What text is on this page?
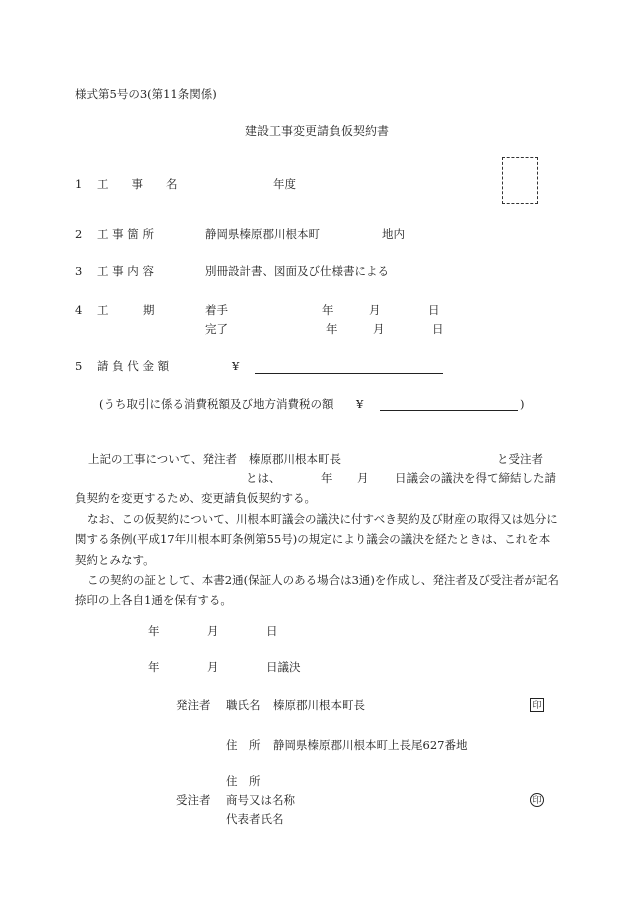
様式第5号の3(第11条関係)
建設工事変更請負仮契約書
1 工　　事　　名	年度
2 工 事 箇 所	静岡県榛原郡川根本町	地内
3 工 事 内 容	別冊設計書、図面及び仕様書による
4 工　　　期	着手	年	月	日
完了	年	月	日
5 請 負 代 金 額	¥
(うち取引に係る消費税額及び地方消費税の額 ¥	)
上記の工事について、発注者 榛原郡川根本町長	と受注者
とは、	年 月 日議会の議決を得て締結した請
負契約を変更するため、変更請負仮契約する。
なお、この仮契約について、川根本町議会の議決に付すべき契約及び財産の取得又は処分に関する条例(平成17年川根本町条例第55号)の規定により議会の議決を経たときは、これを本契約とみなす。
この契約の証として、本書2通(保証人のある場合は3通)を作成し、発注者及び受注者が記名捺印の上各自1通を保有する。
年	月	日
年	月	日議決
発注者 職氏名 榛原郡川根本町長	印
住　所 静岡県榛原郡川根本町上長尾627番地
住　所
受注者 商号又は名称	印
代表者氏名
